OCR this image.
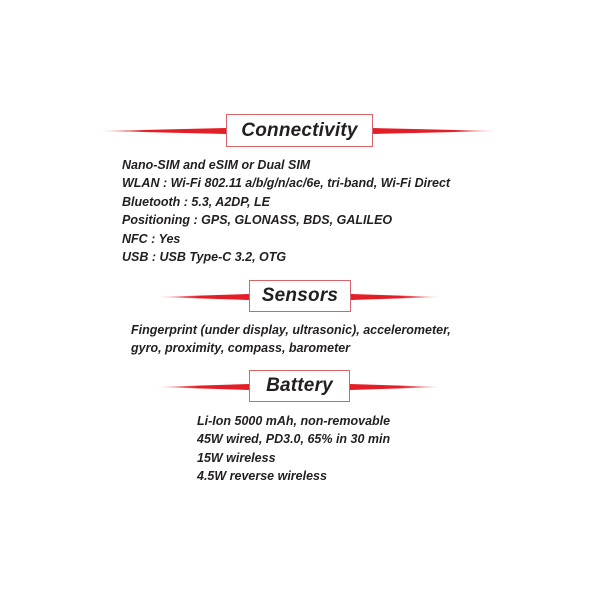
Connectivity
Nano-SIM and eSIM or Dual SIM
WLAN : Wi-Fi 802.11 a/b/g/n/ac/6e, tri-band, Wi-Fi Direct
Bluetooth : 5.3, A2DP, LE
Positioning : GPS, GLONASS, BDS, GALILEO
NFC : Yes
USB : USB Type-C 3.2, OTG
Sensors
Fingerprint (under display, ultrasonic), accelerometer,
gyro, proximity, compass, barometer
Battery
Li-Ion 5000 mAh, non-removable
45W wired, PD3.0, 65% in 30 min
15W wireless
4.5W reverse wireless
